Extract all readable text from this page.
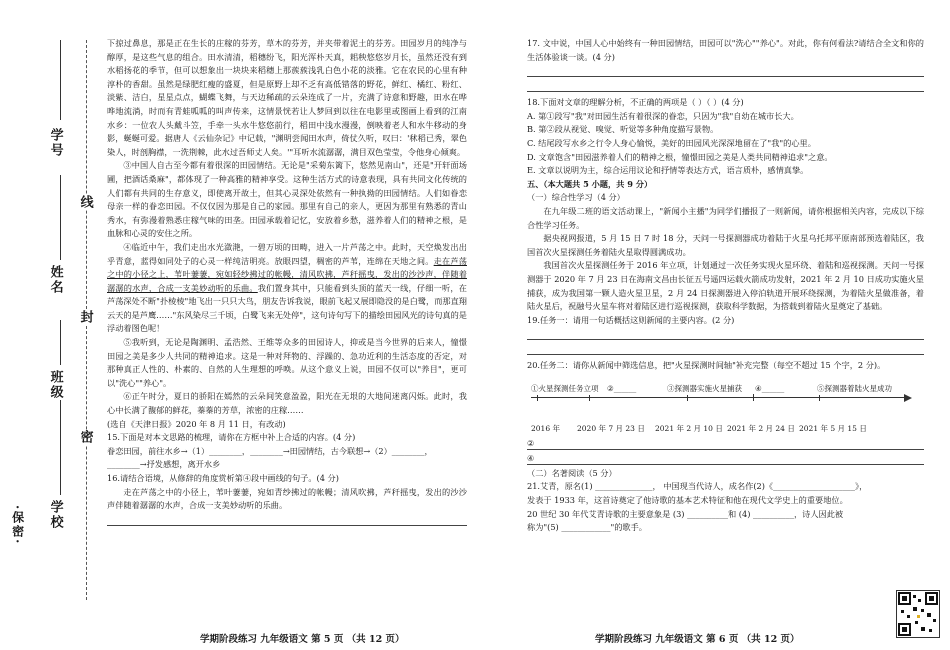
·保密· 学校
班级
姓名
学号
密
封
线

下掠过鼻息，那是正在生长的庄稼的芬芳，草木的芬芳，并夹带着泥土的芬芳。田园岁月的纯净与醇厚，是这些气息的组合。田水清清，稻穗纷飞，阳光浑朴天真，耜秧悠悠岁月长，虽然还没有到水稻扬花的季节，但可以想象出一块块来稻穗上那蔟蔟浅乳白色小花的淡雅。它在农民的心里有种淳朴的香甜。虽然是绿肥红瘦的盛夏，但是原野上却不乏有高低错落的野花，鲜红、橘红、粉红、淡紫、洁白，星星点点，蝴蝶飞舞，与天边稀疏的云朵连成了一片，充满了诗意和野趣，田水在哗哗地流淌，时而有青蛙呱呱的叫声传来，这情景恍若让人梦回到以往在电影里或图画上看到的江南水乡：一位农人头戴斗笠，手牵一头水牛悠悠前行，稻田中浅水漫漫，倒映着老人和水牛移动的身影，蜒蜒可爱。据唐人《云仙杂记》中记载，"渊明尝闻田水声，倚仗久听，叹曰：'秫稻已秀，翠色染人，时剖胸襟，一洗荆棘，此水过吾师丈人矣。'"耳听水流潺潺，满目双色莹莹，令他身心倾爽。

③中国人自古至今都有着很深的田园情结。无论是"采菊东篱下，悠然见南山"，还是"开轩面场圃，把酒话桑麻"，都体现了一种高雅的精神享受。这种生活方式的诗意表现，具有共同文化传统的人们都有共同的生存意义，即使离开故土，但其心灵深处依然有一种执拗的田园情结。人们如眷恋母亲一样的眷恋田园。不仅仅因为那是自己的家园。那里有自己的亲人，更因为那里有熟悉的青山秀水，有弥漫着熟悉庄稼气味的田垄。田园承载着记忆，安放着乡愁，滋养着人们的精神之根，是血脉和心灵的安住之所。

④临近中午，我们走出水光潋滟，一碧万顷的田畴，进入一片芦荡之中。此时，天空焕发出出乎青意，蓝得如同处子的心灵一样纯洁明亮。放眼四望，稠密的芦苇，连绵在天地之间。走在芦荡之中的小径之上，苇叶萋萋，宛如轻纱拂过的帐幔，清风吹拂，芦秆摇曳，发出的沙沙声，伴随着潺潺的水声，合成一支美妙动听的乐曲。我们置身其中，只能看到头顶的蓝天一线，仔细一听，在芦荡深处不断"扑棱棱"地飞出一只只大鸟，朋友告诉我说，眼前飞起又展即隐没的是白鹭，而那直翔云天的是芦鹰……"东风染尽三千顷，白鹭飞来无处停"，这句诗句写下的描绘田园风光的诗句真的是浮动着图色呢！

⑤我听到，无论是陶渊明、孟浩然、王维等众多的田园诗人，抑或是当今世界的后来人，憧憬田园之美是多少人共同的精神追求。这是一种对拜物的、浮躁的、急功近利的生活态度的否定，对那种真正人性的、朴素的、自然的人生理想的呼唤。从这个意义上说，田园不仅可以"养目"，更可以"洗心""养心"。

⑥正午时分，夏日的骄阳在嫣然的云朵间笑意盈盈，阳光在无垠的大地间迷离闪烁。此时，我心中长满了馥郁的鲜花，蓁蓁的芳草，浓密的庄稼……

(选自《天津日报》2020 年 8 月 11 日，有改动)

15.下面是对本文思路的梳理，请你在方框中补上合适的内容。(4 分)

眷恋田园，前往水乡→（1）________，________→田园情结，古今联想→（2）________，

________→抒发感想，离开水乡

16.请结合语境，从修辞的角度赏析第④段中画线的句子。(4 分)

走在芦荡之中的小径上，苇叶萋萋，宛如青纱拂过的帐幔；清风吹拂，芦秆摇曳，发出的沙沙声伴随着潺潺的水声，合成一支美妙动听的乐曲。

学期阶段练习 九年级语文 第 5 页 （共 12 页）

17. 文中说，中国人心中始终有一种田园情结，田园可以"洗心""养心"。对此，你有何看法?请结合全文和你的生活体验谈一谈。(4 分)

18.下面对文章的理解分析，不正确的两项是（ ）（ ）(4 分)

A. 第①段写"我"对田园生活有着很深的眷恋，只因为"我"自幼在城市长大。

B. 第②段从视觉、嗅觉、听觉等多种角度描写景物。

C. 结尾段写水乡之行令人身心愉悦，美好的田园风光深深地留在了"我"的心里。

D. 文章饱含"田园滋养着人们的精神之根，憧憬田园之美是人类共同精神追求"之意。

E. 文章以说明为主，综合运用议论和抒情等表达方式，语言质朴，感情真挚。

五、（本大题共 5 小题，共 9 分）

（一）综合性学习（4 分）

在九年级二班的语文活动课上，"新闻小主播"为同学们播报了一则新闻，请你根据相关内容，完成以下综合性学习任务。

据央视网报道，5 月 15 日 7 时 18 分，天问一号探测器成功着陆于火星乌托邦平原南部预选着陆区，我国首次火星探测任务着陆火星取得圆满成功。

我国首次火星探测任务于 2016 年立项，计划通过一次任务实现火星环绕、着陆和巡视探测。天问一号探测器于 2020 年 7 月 23 日在海南文昌由长征五号遥四运载火箭成功发射，2021 年 2 月 10 日成功实施火星捕获，成为我国第一颗人造火星卫星，2 月 24 日探测器进入停泊轨道开展环绕探测，为着陆火星做准备，着陆火星后，祝融号火星车将对着陆区进行巡视探测，获取科学数据，为搭载到着陆火星奠定了基础。

19.任务一：请用一句话概括这则新闻的主要内容。(2 分)

20.任务二：请你从新闻中筛选信息，把"火星探测时间轴"补充完整（每空不超过 15 个字，2 分)。

①火星探测任务立项 ②______	③探测器实施火星捕获 ④______	⑤探测器着陆火星成功
2016 年 2020 年 7 月 23 日 2021 年 2 月 10 日 2021 年 2 月 24 日 2021 年 5 月 15 日
②
④

（二）名著阅读（5 分）

21.艾青，原名(1) ______________， 中国现当代诗人，成名作(2)《____________________》，

发表于 1933 年，这首诗奠定了他诗歌的基本艺术特征和他在现代文学史上的重要地位。

20 世纪 30 年代艾青诗歌的主要意象是 (3) __________和 (4) __________，诗人因此被

称为"(5) ____________"的歌手。

学期阶段练习 九年级语文 第 6 页 （共 12 页）
